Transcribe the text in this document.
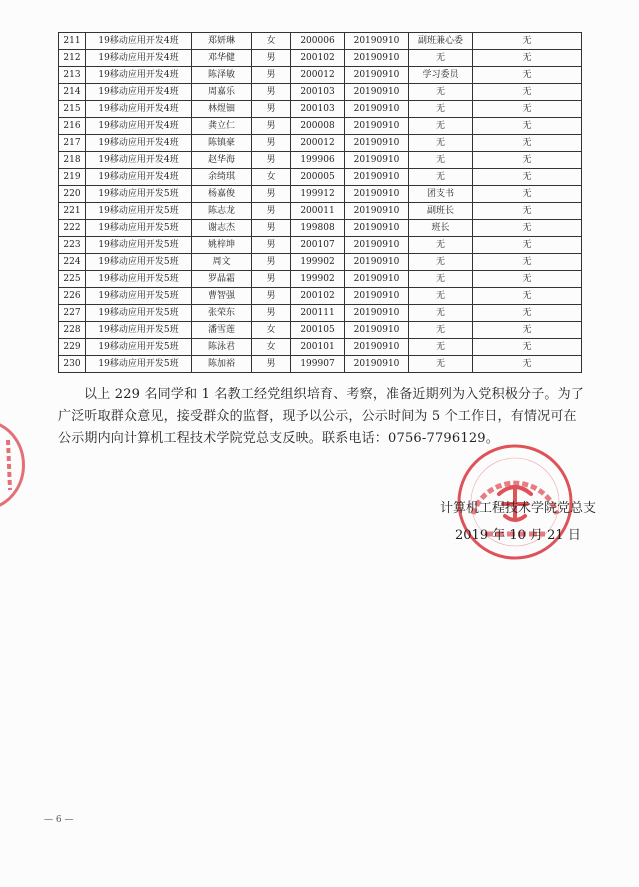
211	19移动应用开发4班	郑妍琳	女	200006	20190910	副班兼心委	无
212	19移动应用开发4班	邓华健	男	200102	20190910	无	无
213	19移动应用开发4班	陈泽敏	男	200012	20190910	学习委员	无
214	19移动应用开发4班	周嘉乐	男	200103	20190910	无	无
215	19移动应用开发4班	林煜钿	男	200103	20190910	无	无
216	19移动应用开发4班	龚立仁	男	200008	20190910	无	无
217	19移动应用开发4班	陈镇豪	男	200012	20190910	无	无
218	19移动应用开发4班	赵华海	男	199906	20190910	无	无
219	19移动应用开发4班	余绮琪	女	200005	20190910	无	无
220	19移动应用开发5班	杨嘉俊	男	199912	20190910	团支书	无
221	19移动应用开发5班	陈志龙	男	200011	20190910	副班长	无
222	19移动应用开发5班	谢志杰	男	199808	20190910	班长	无
223	19移动应用开发5班	姚梓坤	男	200107	20190910	无	无
224	19移动应用开发5班	周文	男	199902	20190910	无	无
225	19移动应用开发5班	罗晶霜	男	199902	20190910	无	无
226	19移动应用开发5班	曹智强	男	200102	20190910	无	无
227	19移动应用开发5班	张荣东	男	200111	20190910	无	无
228	19移动应用开发5班	潘雪莲	女	200105	20190910	无	无
229	19移动应用开发5班	陈泳君	女	200101	20190910	无	无
230	19移动应用开发5班	陈加裕	男	199907	20190910	无	无
以上 229 名同学和 1 名教工经党组织培育、考察，准备近期列为入党积极分子。为了广泛听取群众意见，接受群众的监督，现予以公示，公示时间为 5 个工作日，有情况可在公示期内向计算机工程技术学院党总支反映。联系电话：0756-7796129。
计算机工程技术学院党总支
2019 年 10 月 21 日
— 6 —
